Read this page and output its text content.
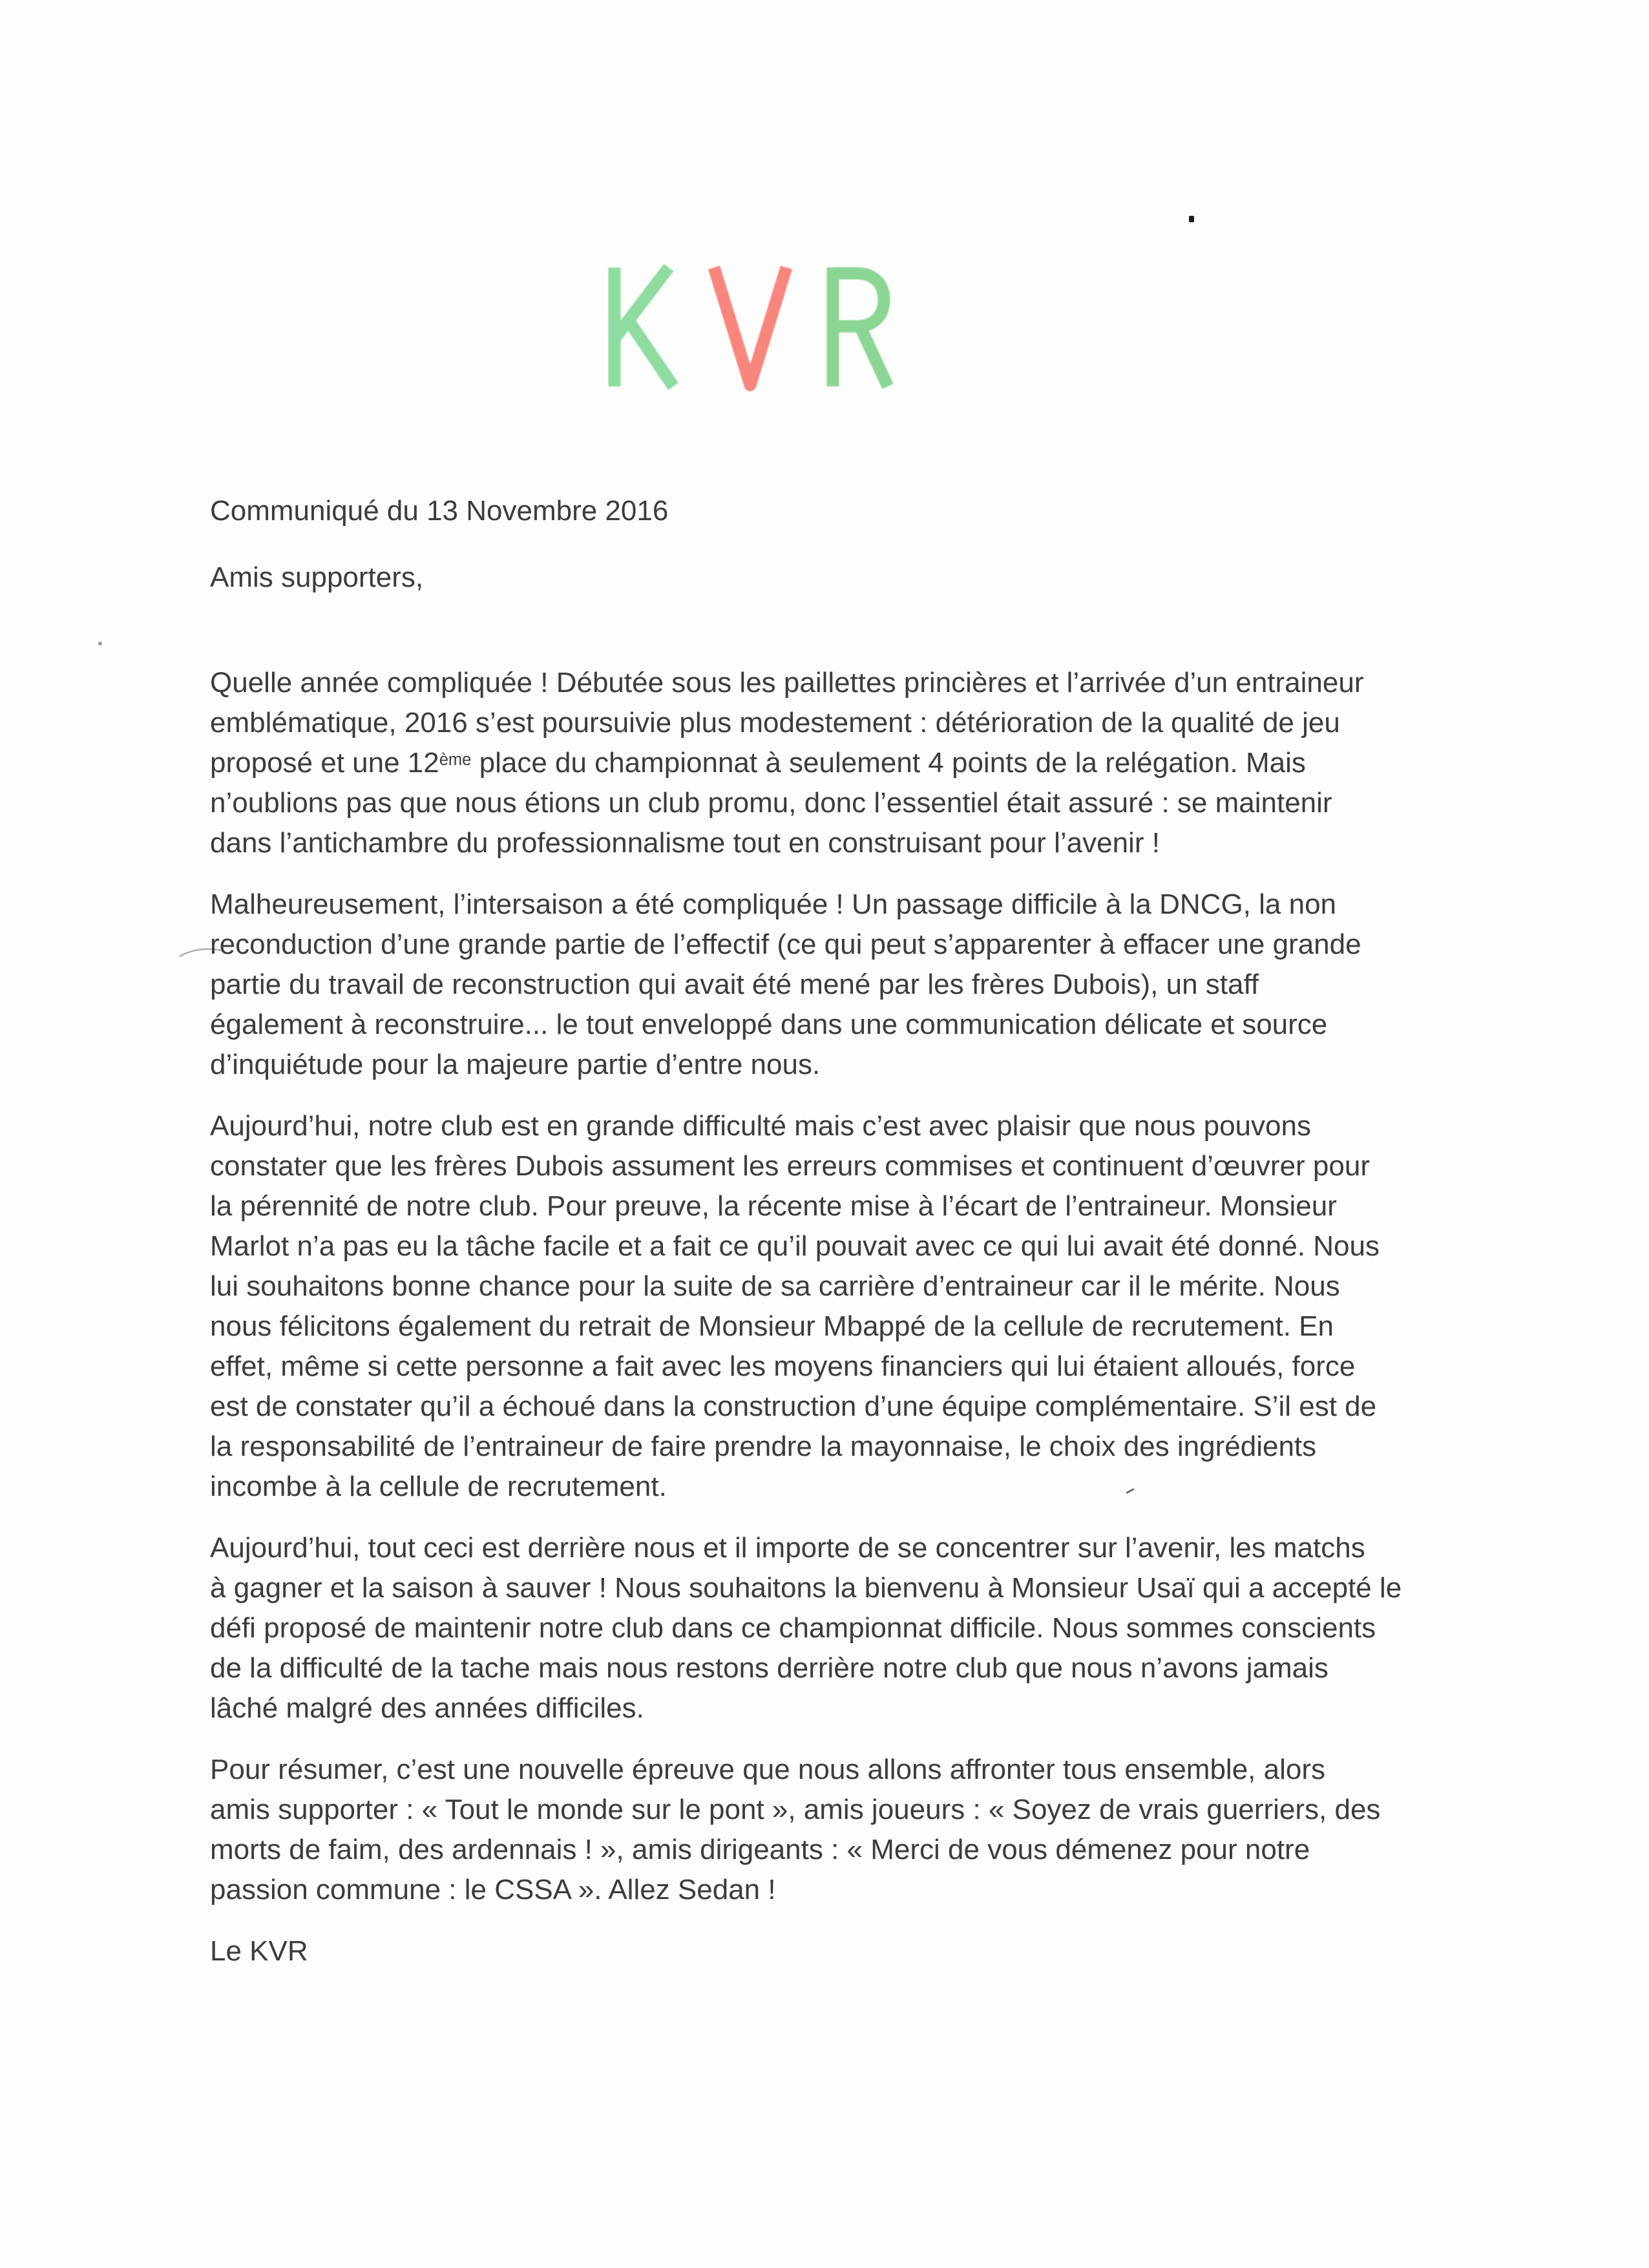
Communiqué du 13 Novembre 2016
Amis supporters,
Quelle année compliquée ! Débutée sous les paillettes princières et l’arrivée d’un entraineur
emblématique, 2016 s’est poursuivie plus modestement : détérioration de la qualité de jeu
proposé et une 12ème place du championnat à seulement 4 points de la relégation. Mais
n’oublions pas que nous étions un club promu, donc l’essentiel était assuré : se maintenir
dans l’antichambre du professionnalisme tout en construisant pour l’avenir !
Malheureusement, l’intersaison a été compliquée ! Un passage difficile à la DNCG, la non
reconduction d’une grande partie de l’effectif (ce qui peut s’apparenter à effacer une grande
partie du travail de reconstruction qui avait été mené par les frères Dubois), un staff
également à reconstruire... le tout enveloppé dans une communication délicate et source
d’inquiétude pour la majeure partie d’entre nous.
Aujourd’hui, notre club est en grande difficulté mais c’est avec plaisir que nous pouvons
constater que les frères Dubois assument les erreurs commises et continuent d’œuvrer pour
la pérennité de notre club. Pour preuve, la récente mise à l’écart de l’entraineur. Monsieur
Marlot n’a pas eu la tâche facile et a fait ce qu’il pouvait avec ce qui lui avait été donné. Nous
lui souhaitons bonne chance pour la suite de sa carrière d’entraineur car il le mérite. Nous
nous félicitons également du retrait de Monsieur Mbappé de la cellule de recrutement. En
effet, même si cette personne a fait avec les moyens financiers qui lui étaient alloués, force
est de constater qu’il a échoué dans la construction d’une équipe complémentaire. S’il est de
la responsabilité de l’entraineur de faire prendre la mayonnaise, le choix des ingrédients
incombe à la cellule de recrutement.
Aujourd’hui, tout ceci est derrière nous et il importe de se concentrer sur l’avenir, les matchs
à gagner et la saison à sauver ! Nous souhaitons la bienvenu à Monsieur Usaï qui a accepté le
défi proposé de maintenir notre club dans ce championnat difficile. Nous sommes conscients
de la difficulté de la tache mais nous restons derrière notre club que nous n’avons jamais
lâché malgré des années difficiles.
Pour résumer, c’est une nouvelle épreuve que nous allons affronter tous ensemble, alors
amis supporter : « Tout le monde sur le pont », amis joueurs : « Soyez de vrais guerriers, des
morts de faim, des ardennais ! », amis dirigeants : « Merci de vous démenez pour notre
passion commune : le CSSA ». Allez Sedan !
Le KVR
